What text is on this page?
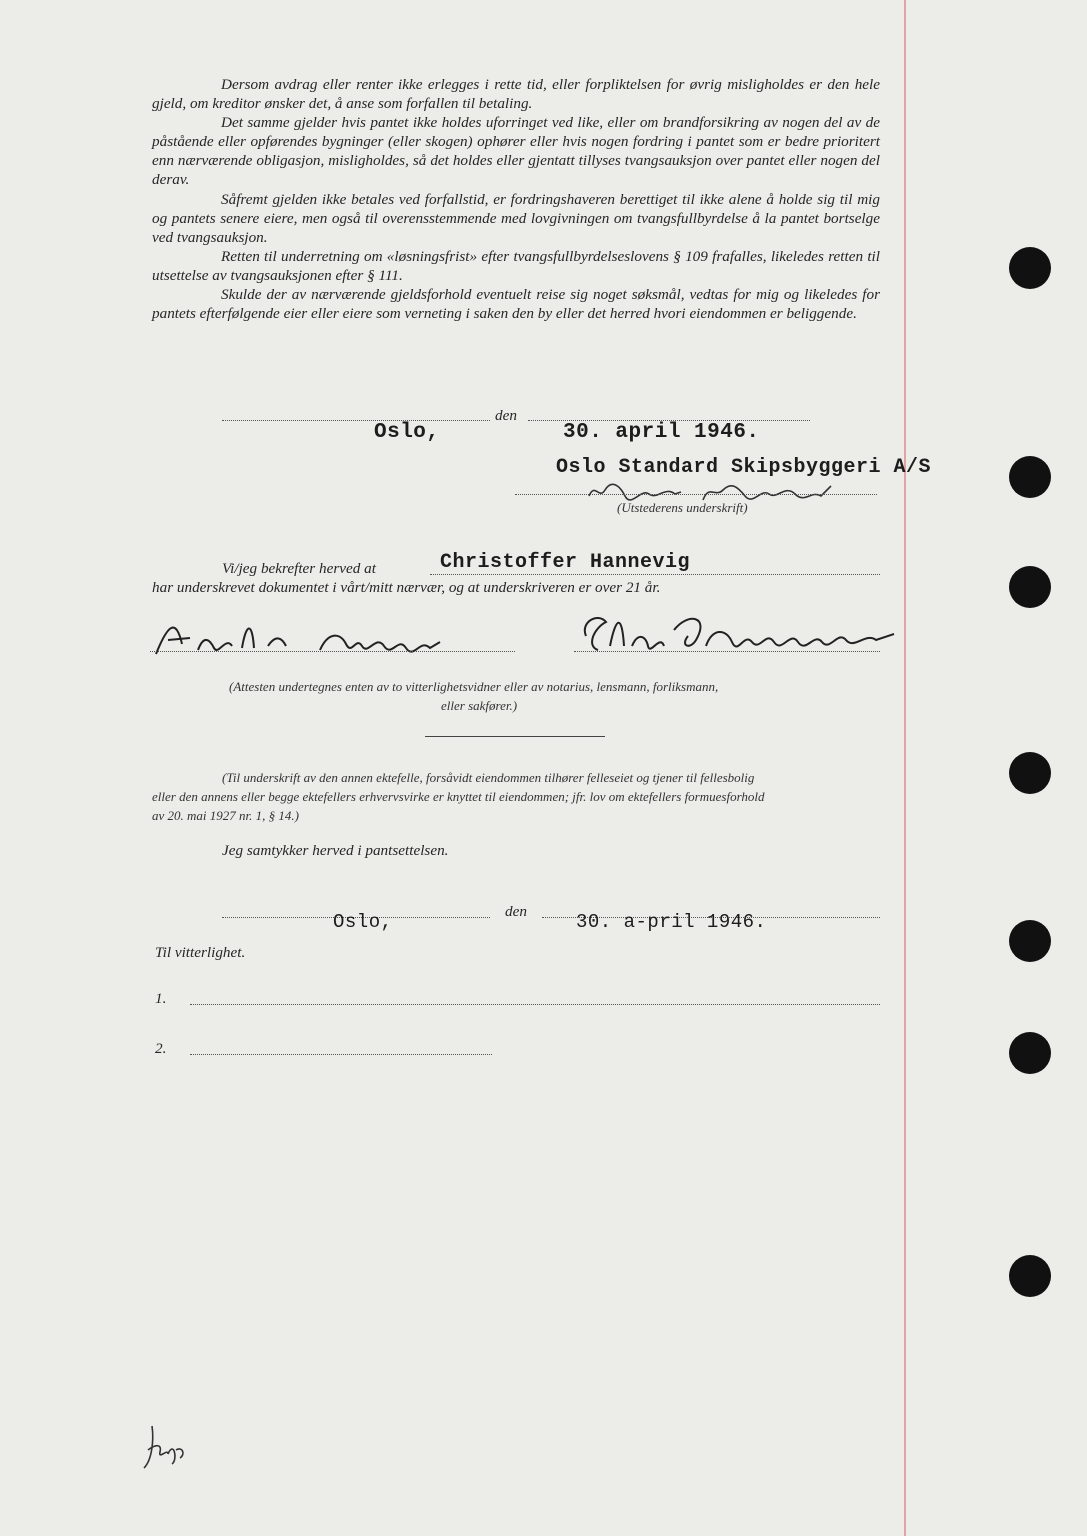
Dersom avdrag eller renter ikke erlegges i rette tid, eller forpliktelsen for øvrig misligholdes er den hele gjeld, om kreditor ønsker det, å anse som forfallen til betaling.

Det samme gjelder hvis pantet ikke holdes uforringet ved like, eller om brandforsikring av nogen del av de påstående eller opførendes bygninger (eller skogen) ophører eller hvis nogen fordring i pantet som er bedre prioritert enn nærværende obligasjon, misligholdes, så det holdes eller gjentatt tillyses tvangsauksjon over pantet eller nogen del derav.

Såfremt gjelden ikke betales ved forfallstid, er fordringshaveren berettiget til ikke alene å holde sig til mig og pantets senere eiere, men også til overensstemmende med lovgivningen om tvangsfullbyrdelse å la pantet bortselge ved tvangsauksjon.

Retten til underretning om «løsningsfrist» efter tvangsfullbyrdelseslovens § 109 frafalles, likeledes retten til utsettelse av tvangsauksjonen efter § 111.

Skulde der av nærværende gjeldsforhold eventuelt reise sig noget søksmål, vedtas for mig og likeledes for pantets efterfølgende eier eller eiere som verneting i saken den by eller det herred hvori eiendommen er beliggende.

Oslo,
den
30. april 1946.
Oslo Standard Skipsbyggeri A/S
(Utstederens underskrift)
Vi/jeg bekrefter herved at	Christoffer Hannevig
har underskrevet dokumentet i vårt/mitt nærvær, og at underskriveren er over 21 år.
(Attesten undertegnes enten av to vitterlighetsvidner eller av notarius, lensmann, forliksmann,
eller sakfører.)
(Til underskrift av den annen ektefelle, forsåvidt eiendommen tilhører felleseiet og tjener til fellesbolig
eller den annens eller begge ektefellers erhvervsvirke er knyttet til eiendommen; jfr. lov om ektefellers formuesforhold
av 20. mai 1927 nr. 1, § 14.)
Jeg samtykker herved i pantsettelsen.
Oslo,	den	30. a-pril 1946.
Til vitterlighet.
1.
2.
